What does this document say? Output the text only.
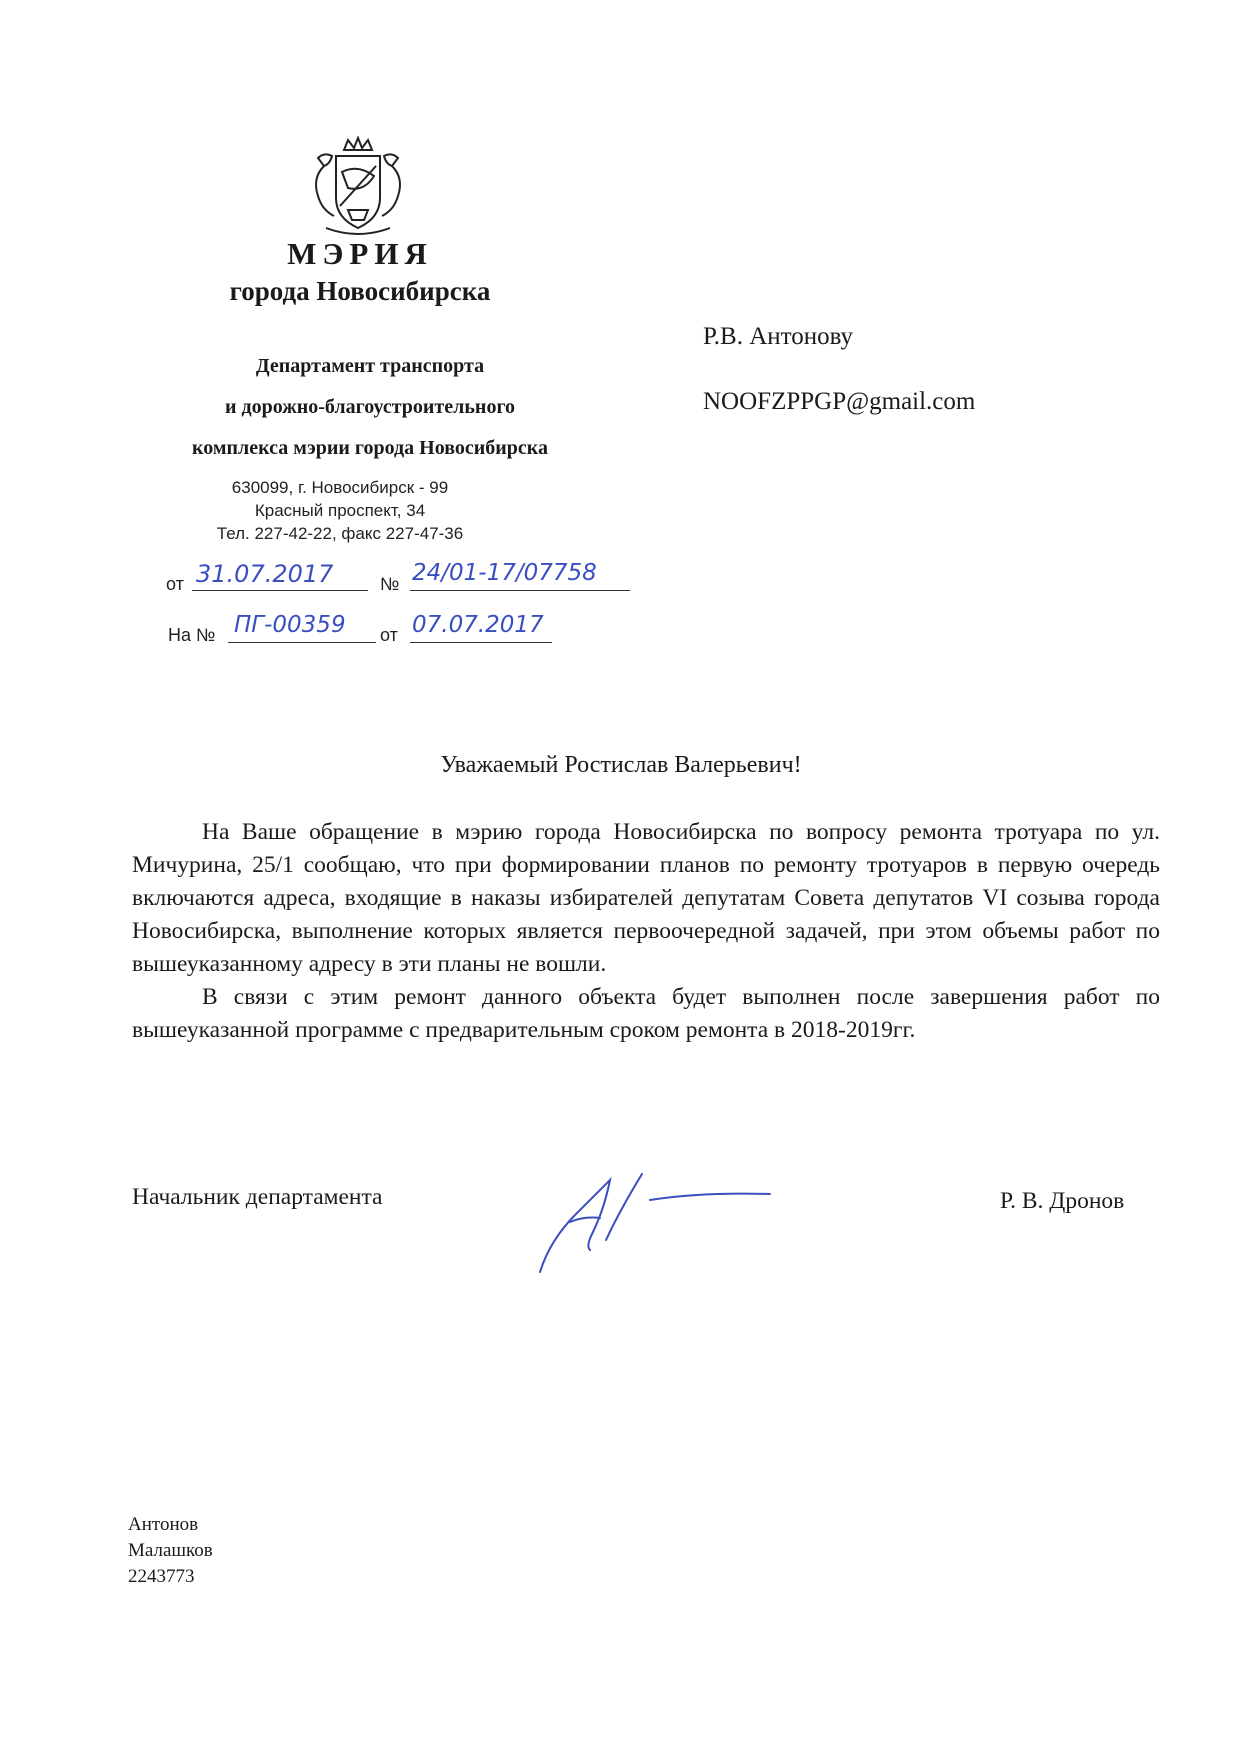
МЭРИЯ
города Новосибирска
Департамент транспорта
и дорожно-благоустроительного
комплекса мэрии города Новосибирска
630099, г. Новосибирск - 99
Красный проспект, 34
Тел. 227-42-22, факс 227-47-36
от 31.07.2017	№ 24/01-17/07758
На № ПГ-00359 от 07.07.2017
Р.В. Антонову
NOOFZPPGP@gmail.com
Уважаемый Ростислав Валерьевич!

На Ваше обращение в мэрию города Новосибирска по вопросу ремонта тротуара по ул. Мичурина, 25/1 сообщаю, что при формировании планов по ремонту тротуаров в первую очередь включаются адреса, входящие в наказы избирателей депутатам Совета депутатов VI созыва города Новосибирска, выполнение которых является первоочередной задачей, при этом объемы работ по вышеуказанному адресу в эти планы не вошли.

В связи с этим ремонт данного объекта будет выполнен после завершения работ по вышеуказанной программе с предварительным сроком ремонта в 2018-2019гг.

Начальник департамента	Р. В. Дронов
Антонов
Малашков
2243773
